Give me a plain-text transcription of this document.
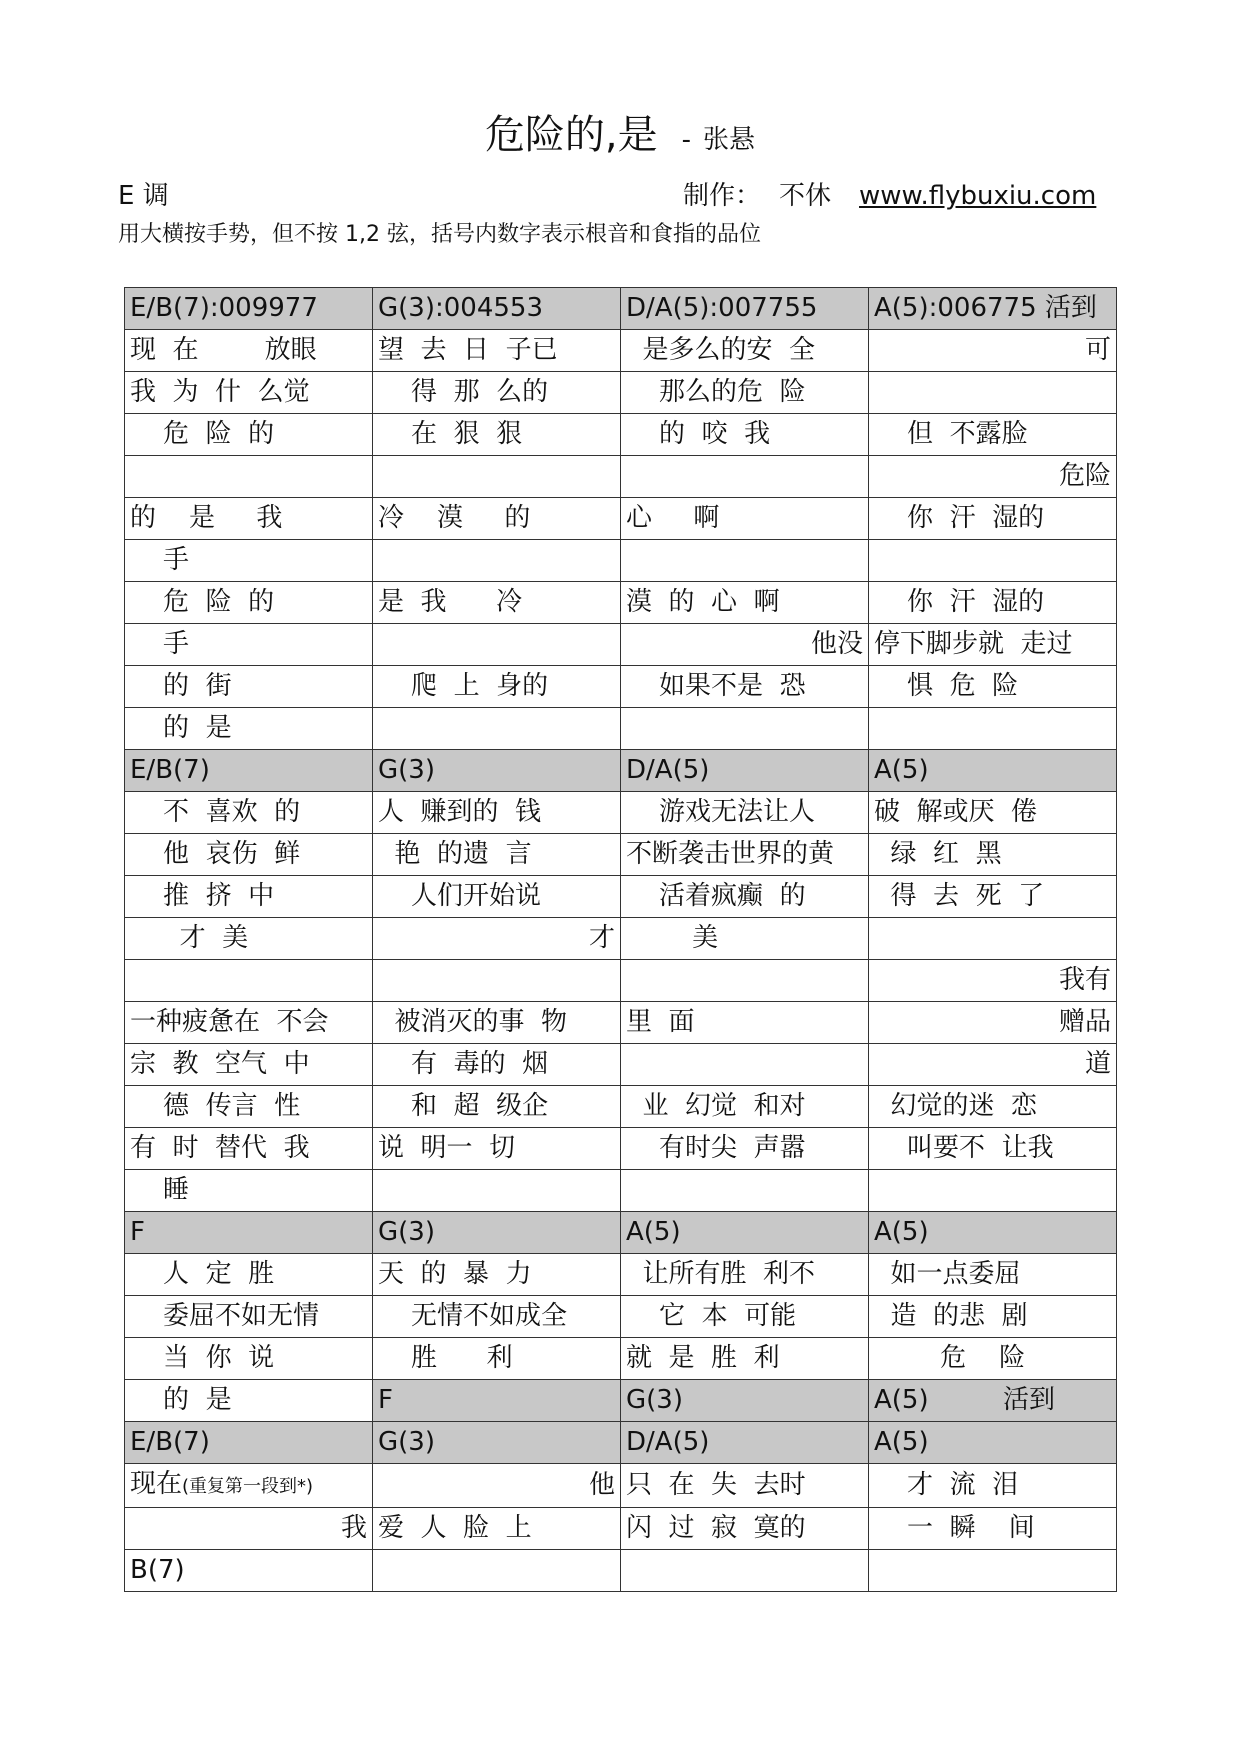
危险的,是 - 张悬
E 调	制作： 不休 www.flybuxiu.com
用大横按手势，但不按 1,2 弦，括号内数字表示根音和食指的品位
E/B(7):009977	G(3):004553	D/A(5):007755	A(5):006775 活到
现  在        放眼	望  去  日  子已	是多么的安  全	可
我  为  什  么觉	得  那  么的	那么的危  险	
危  险  的	在  狠  狠	的  咬  我	但  不露脸
			危险
的    是     我	冷    漠     的	心     啊	你  汗  湿的
手			
危  险  的	是  我      冷	漠  的  心  啊	你  汗  湿的
手		他没	停下脚步就  走过
的  街	爬  上  身的	如果不是  恐	惧  危  险
的  是			
E/B(7)	G(3)	D/A(5)	A(5)
不  喜欢  的	人  赚到的  钱	游戏无法让人	破  解或厌  倦
他  哀伤  鲜	艳  的遗  言	不断袭击世界的黄	绿  红  黑
推  挤  中	人们开始说	活着疯癫  的	得  去  死  了
才  美	才	美	
			我有
一种疲惫在  不会	被消灭的事  物	里  面	赠品
宗  教  空气  中	有  毒的  烟		道
德  传言  性	和  超  级企	业  幻觉  和对	幻觉的迷  恋
有  时  替代  我	说  明一  切	有时尖  声嚣	叫要不  让我
睡			
F	G(3)	A(5)	A(5)
人  定  胜	天  的  暴  力	让所有胜  利不	如一点委屈
委屈不如无情	无情不如成全	它  本  可能	造  的悲  剧
当  你  说	胜      利	就  是  胜  利	危    险
的  是	F	G(3)	A(5)         活到
E/B(7)	G(3)	D/A(5)	A(5)
现在(重复第一段到*)	他	只  在  失  去时	才  流  泪
我	爱  人  脸  上	闪  过  寂  寞的	一  瞬    间
B(7)			
